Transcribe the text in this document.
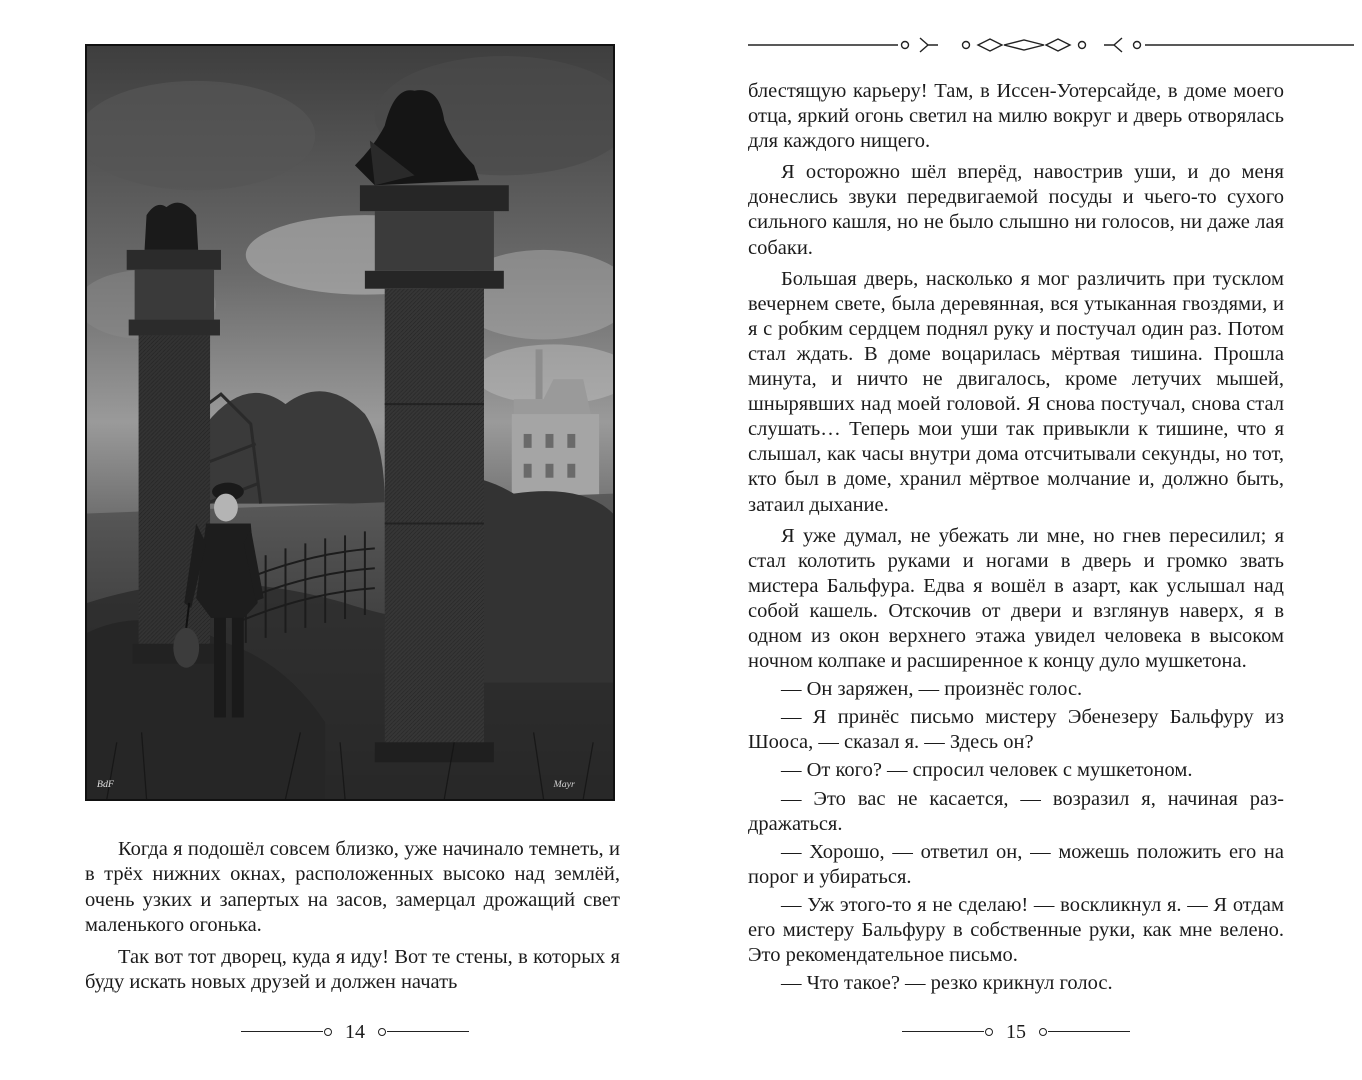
BdF	Mayr

Когда я подошёл совсем близко, уже начинало темнеть, и в трёх нижних окнах, расположенных высоко над землёй, очень узких и запертых на засов, замерцал дрожащий свет маленького огонька.

Так вот тот дворец, куда я иду! Вот те стены, в которых я буду искать новых друзей и должен начать

14

блестящую карьеру! Там, в Иссен-Уотерсайде, в доме моего отца, яркий огонь светил на милю вокруг и дверь отворялась для каждого нищего.

Я осторожно шёл вперёд, навострив уши, и до меня донеслись звуки передвигаемой посуды и чьего-то сухого сильного кашля, но не было слышно ни голосов, ни даже лая собаки.

Большая дверь, насколько я мог различить при тусклом вечернем свете, была деревянная, вся утыканная гвоздями, и я с робким сердцем поднял руку и постучал один раз. Потом стал ждать. В доме воцарилась мёртвая тишина. Прошла минута, и ничто не двигалось, кроме летучих мышей, шнырявших над моей головой. Я снова постучал, снова стал слушать… Теперь мои уши так привыкли к тишине, что я слышал, как часы внутри дома отсчитывали секунды, но тот, кто был в доме, хранил мёртвое молчание и, должно быть, затаил дыхание.

Я уже думал, не убежать ли мне, но гнев пересилил; я стал колотить руками и ногами в дверь и громко звать мистера Бальфура. Едва я вошёл в азарт, как услышал над собой кашель. Отскочив от двери и взглянув наверх, я в одном из окон верхнего этажа увидел человека в высоком ночном колпаке и расширенное к концу дуло мушкетона.

— Он заряжен, — произнёс голос.

— Я принёс письмо мистеру Эбенезеру Бальфуру из Шооса, — сказал я. — Здесь он?

— От кого? — спросил человек с мушкетоном.

— Это вас не касается, — возразил я, начиная раздражаться.

— Хорошо, — ответил он, — можешь положить его на порог и убираться.

— Уж этого-то я не сделаю! — воскликнул я. — Я отдам его мистеру Бальфуру в собственные руки, как мне велено. Это рекомендательное письмо.

— Что такое? — резко крикнул голос.

15
